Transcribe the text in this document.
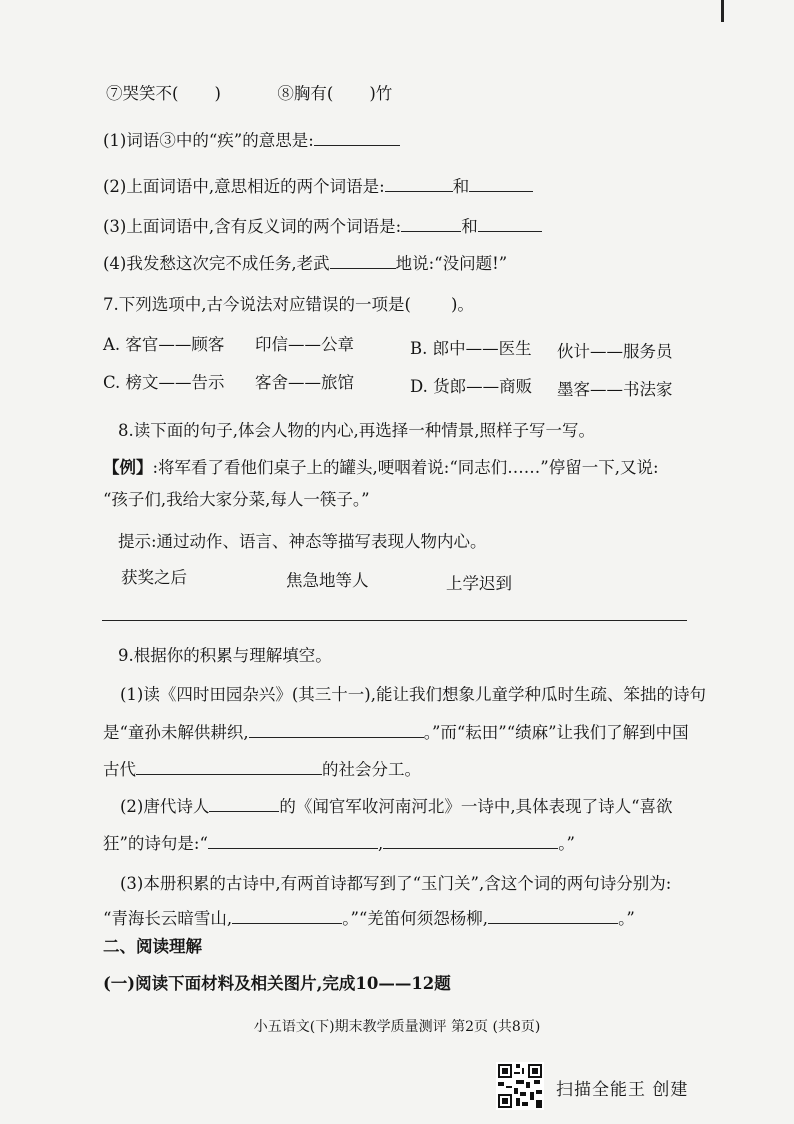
⑦哭笑不( )	⑧胸有( )竹
(1)词语③中的“疾”的意思是:
(2)上面词语中,意思相近的两个词语是:	和
(3)上面词语中,含有反义词的两个词语是:	和
(4)我发愁这次完不成任务,老武	地说:“没问题!”
7.下列选项中,古今说法对应错误的一项是( )。
A. 客官——顾客 印信——公章	B. 郎中——医生 伙计——服务员
C. 榜文——告示 客舍——旅馆	D. 货郎——商贩 墨客——书法家
8.读下面的句子,体会人物的内心,再选择一种情景,照样子写一写。
【例】:将军看了看他们桌子上的罐头,哽咽着说:“同志们……”停留一下,又说:
“孩子们,我给大家分菜,每人一筷子。”
提示:通过动作、语言、神态等描写表现人物内心。
获奖之后	焦急地等人	上学迟到
9.根据你的积累与理解填空。
(1)读《四时田园杂兴》(其三十一),能让我们想象儿童学种瓜时生疏、笨拙的诗句
是“童孙未解供耕织,	。”而“耘田”“绩麻”让我们了解到中国
古代	的社会分工。
(2)唐代诗人	的《闻官军收河南河北》一诗中,具体表现了诗人“喜欲
狂”的诗句是:“	,	。”
(3)本册积累的古诗中,有两首诗都写到了“玉门关”,含这个词的两句诗分别为:
“青海长云暗雪山,	。”“羌笛何须怨杨柳,	。”
二、阅读理解
(一)阅读下面材料及相关图片,完成10——12题
小五语文(下)期末教学质量测评 第2页 (共8页)
扫描全能王 创建
